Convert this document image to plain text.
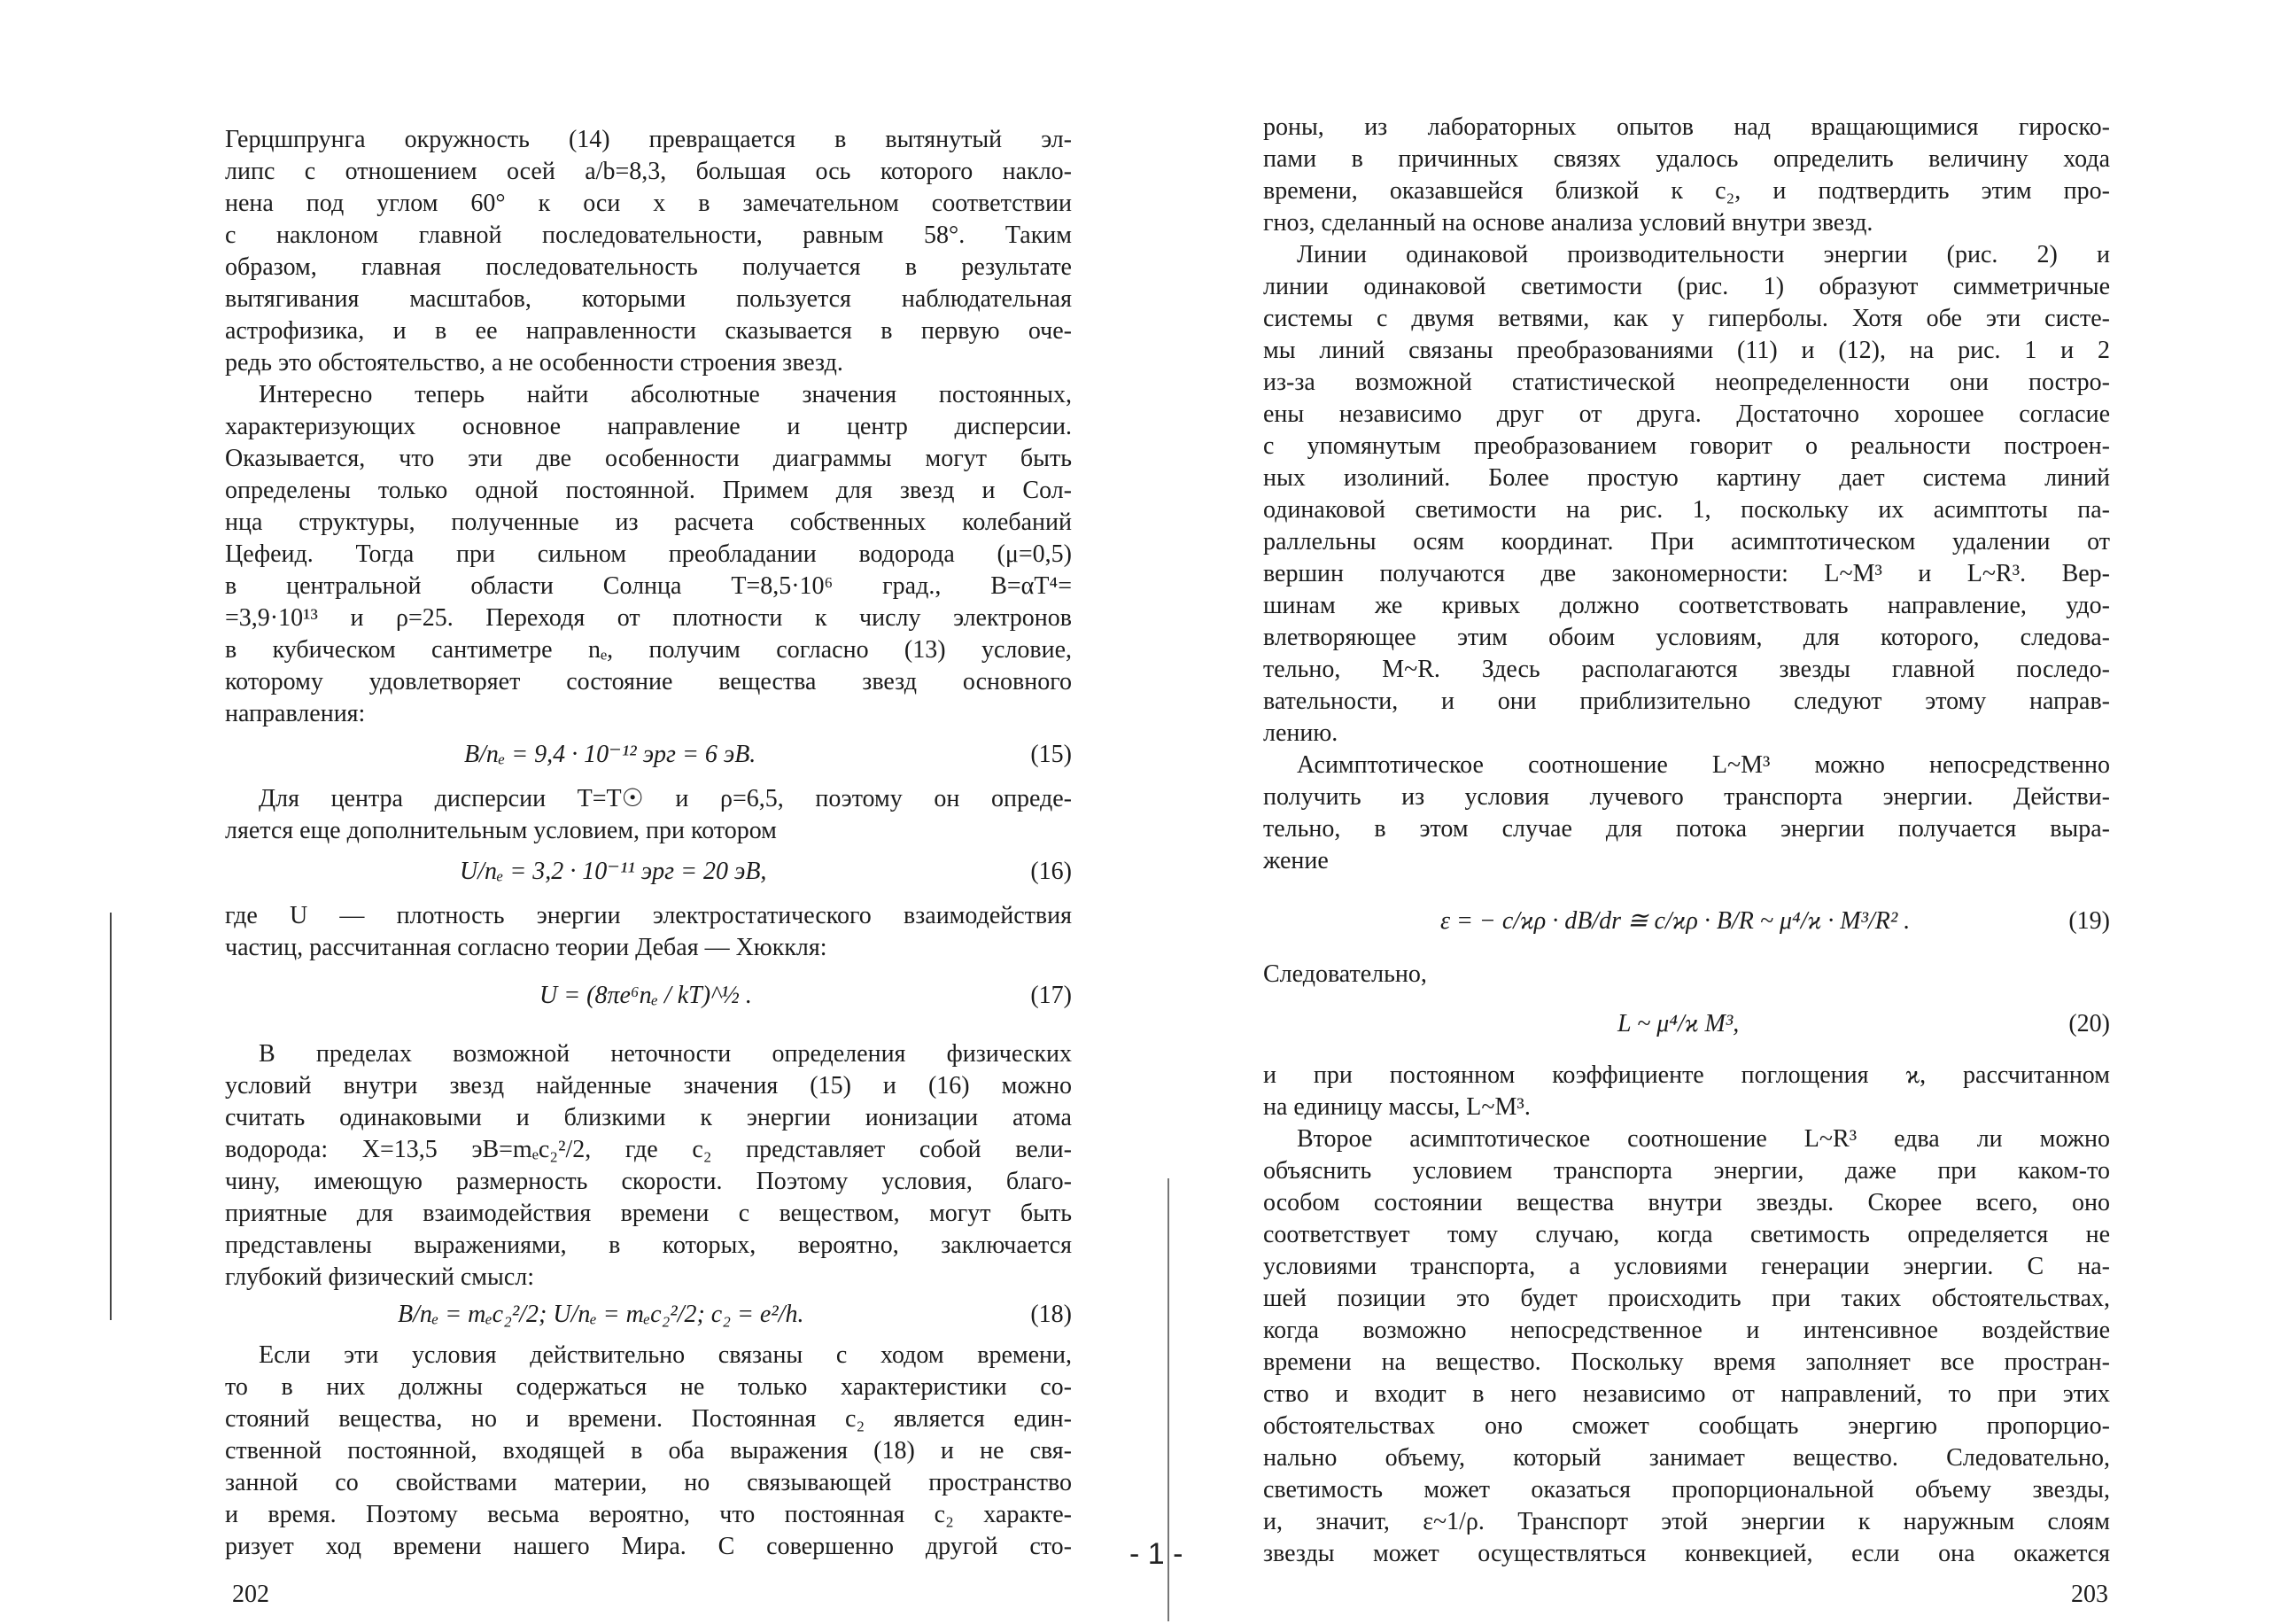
- 1 -
Герцшпрунга окружность (14) превращается в вытянутый эл-
липс с отношением осей a/b=8,3, большая ось которого накло-
нена под углом 60° к оси x в замечательном соответствии
с наклоном главной последовательности, равным 58°. Таким
образом, главная последовательность получается в результате
вытягивания масштабов, которыми пользуется наблюдательная
астрофизика, и в ее направленности сказывается в первую оче-
редь это обстоятельство, а не особенности строения звезд.
Интересно теперь найти абсолютные значения постоянных,
характеризующих основное направление и центр дисперсии.
Оказывается, что эти две особенности диаграммы могут быть
определены только одной постоянной. Примем для звезд и Сол-
нца структуры, полученные из расчета собственных колебаний
Цефеид. Тогда при сильном преобладании водорода (μ=0,5)
в центральной области Солнца T=8,5·10⁶ град., B=αT⁴=
=3,9·10¹³ и ρ=25. Переходя от плотности к числу электронов
в кубическом сантиметре nₑ, получим согласно (13) условие,
которому удовлетворяет состояние вещества звезд основного
направления:
B/nₑ = 9,4 · 10⁻¹² эрг = 6 эВ.	(15)
Для центра дисперсии T=T☉ и ρ=6,5, поэтому он опреде-
ляется еще дополнительным условием, при котором
U/nₑ = 3,2 · 10⁻¹¹ эрг = 20 эВ,	(16)
где U — плотность энергии электростатического взаимодействия
частиц, рассчитанная согласно теории Дебая — Хюккля:
U = (8πe⁶nₑ / kT)^½ .	(17)
В пределах возможной неточности определения физических
условий внутри звезд найденные значения (15) и (16) можно
считать одинаковыми и близкими к энергии ионизации атома
водорода: X=13,5 эВ=mₑc₂²/2, где c₂ представляет собой вели-
чину, имеющую размерность скорости. Поэтому условия, благо-
приятные для взаимодействия времени с веществом, могут быть
представлены выражениями, в которых, вероятно, заключается
глубокий физический смысл:
B/nₑ = mₑc₂²/2; U/nₑ = mₑc₂²/2; c₂ = e²/h.	(18)
Если эти условия действительно связаны с ходом времени,
то в них должны содержаться не только характеристики со-
стояний вещества, но и времени. Постоянная c₂ является един-
ственной постоянной, входящей в оба выражения (18) и не свя-
занной со свойствами материи, но связывающей пространство
и время. Поэтому весьма вероятно, что постоянная c₂ характе-
ризует ход времени нашего Мира. С совершенно другой сто-
202
роны, из лабораторных опытов над вращающимися гироско-
пами в причинных связях удалось определить величину хода
времени, оказавшейся близкой к c₂, и подтвердить этим про-
гноз, сделанный на основе анализа условий внутри звезд.
Линии одинаковой производительности энергии (рис. 2) и
линии одинаковой светимости (рис. 1) образуют симметричные
системы с двумя ветвями, как у гиперболы. Хотя обе эти систе-
мы линий связаны преобразованиями (11) и (12), на рис. 1 и 2
из-за возможной статистической неопределенности они постро-
ены независимо друг от друга. Достаточно хорошее согласие
с упомянутым преобразованием говорит о реальности построен-
ных изолиний. Более простую картину дает система линий
одинаковой светимости на рис. 1, поскольку их асимптоты па-
раллельны осям координат. При асимптотическом удалении от
вершин получаются две закономерности: L~M³ и L~R³. Вер-
шинам же кривых должно соответствовать направление, удо-
влетворяющее этим обоим условиям, для которого, следова-
тельно, M~R. Здесь располагаются звезды главной последо-
вательности, и они приблизительно следуют этому направ-
лению.
Асимптотическое соотношение L~M³ можно непосредственно
получить из условия лучевого транспорта энергии. Действи-
тельно, в этом случае для потока энергии получается выра-
жение
ε = − c/ϰρ · dB/dr ≅ c/ϰρ · B/R ~ μ⁴/ϰ · M³/R² .	(19)
Следовательно,
L ~ μ⁴/ϰ M³,	(20)
и при постоянном коэффициенте поглощения ϰ, рассчитанном
на единицу массы, L~M³.
Второе асимптотическое соотношение L~R³ едва ли можно
объяснить условием транспорта энергии, даже при каком-то
особом состоянии вещества внутри звезды. Скорее всего, оно
соответствует тому случаю, когда светимость определяется не
условиями транспорта, а условиями генерации энергии. С на-
шей позиции это будет происходить при таких обстоятельствах,
когда возможно непосредственное и интенсивное воздействие
времени на вещество. Поскольку время заполняет все простран-
ство и входит в него независимо от направлений, то при этих
обстоятельствах оно сможет сообщать энергию пропорцио-
нально объему, который занимает вещество. Следовательно,
светимость может оказаться пропорциональной объему звезды,
и, значит, ε~1/ρ. Транспорт этой энергии к наружным слоям
звезды может осуществляться конвекцией, если она окажется
203
